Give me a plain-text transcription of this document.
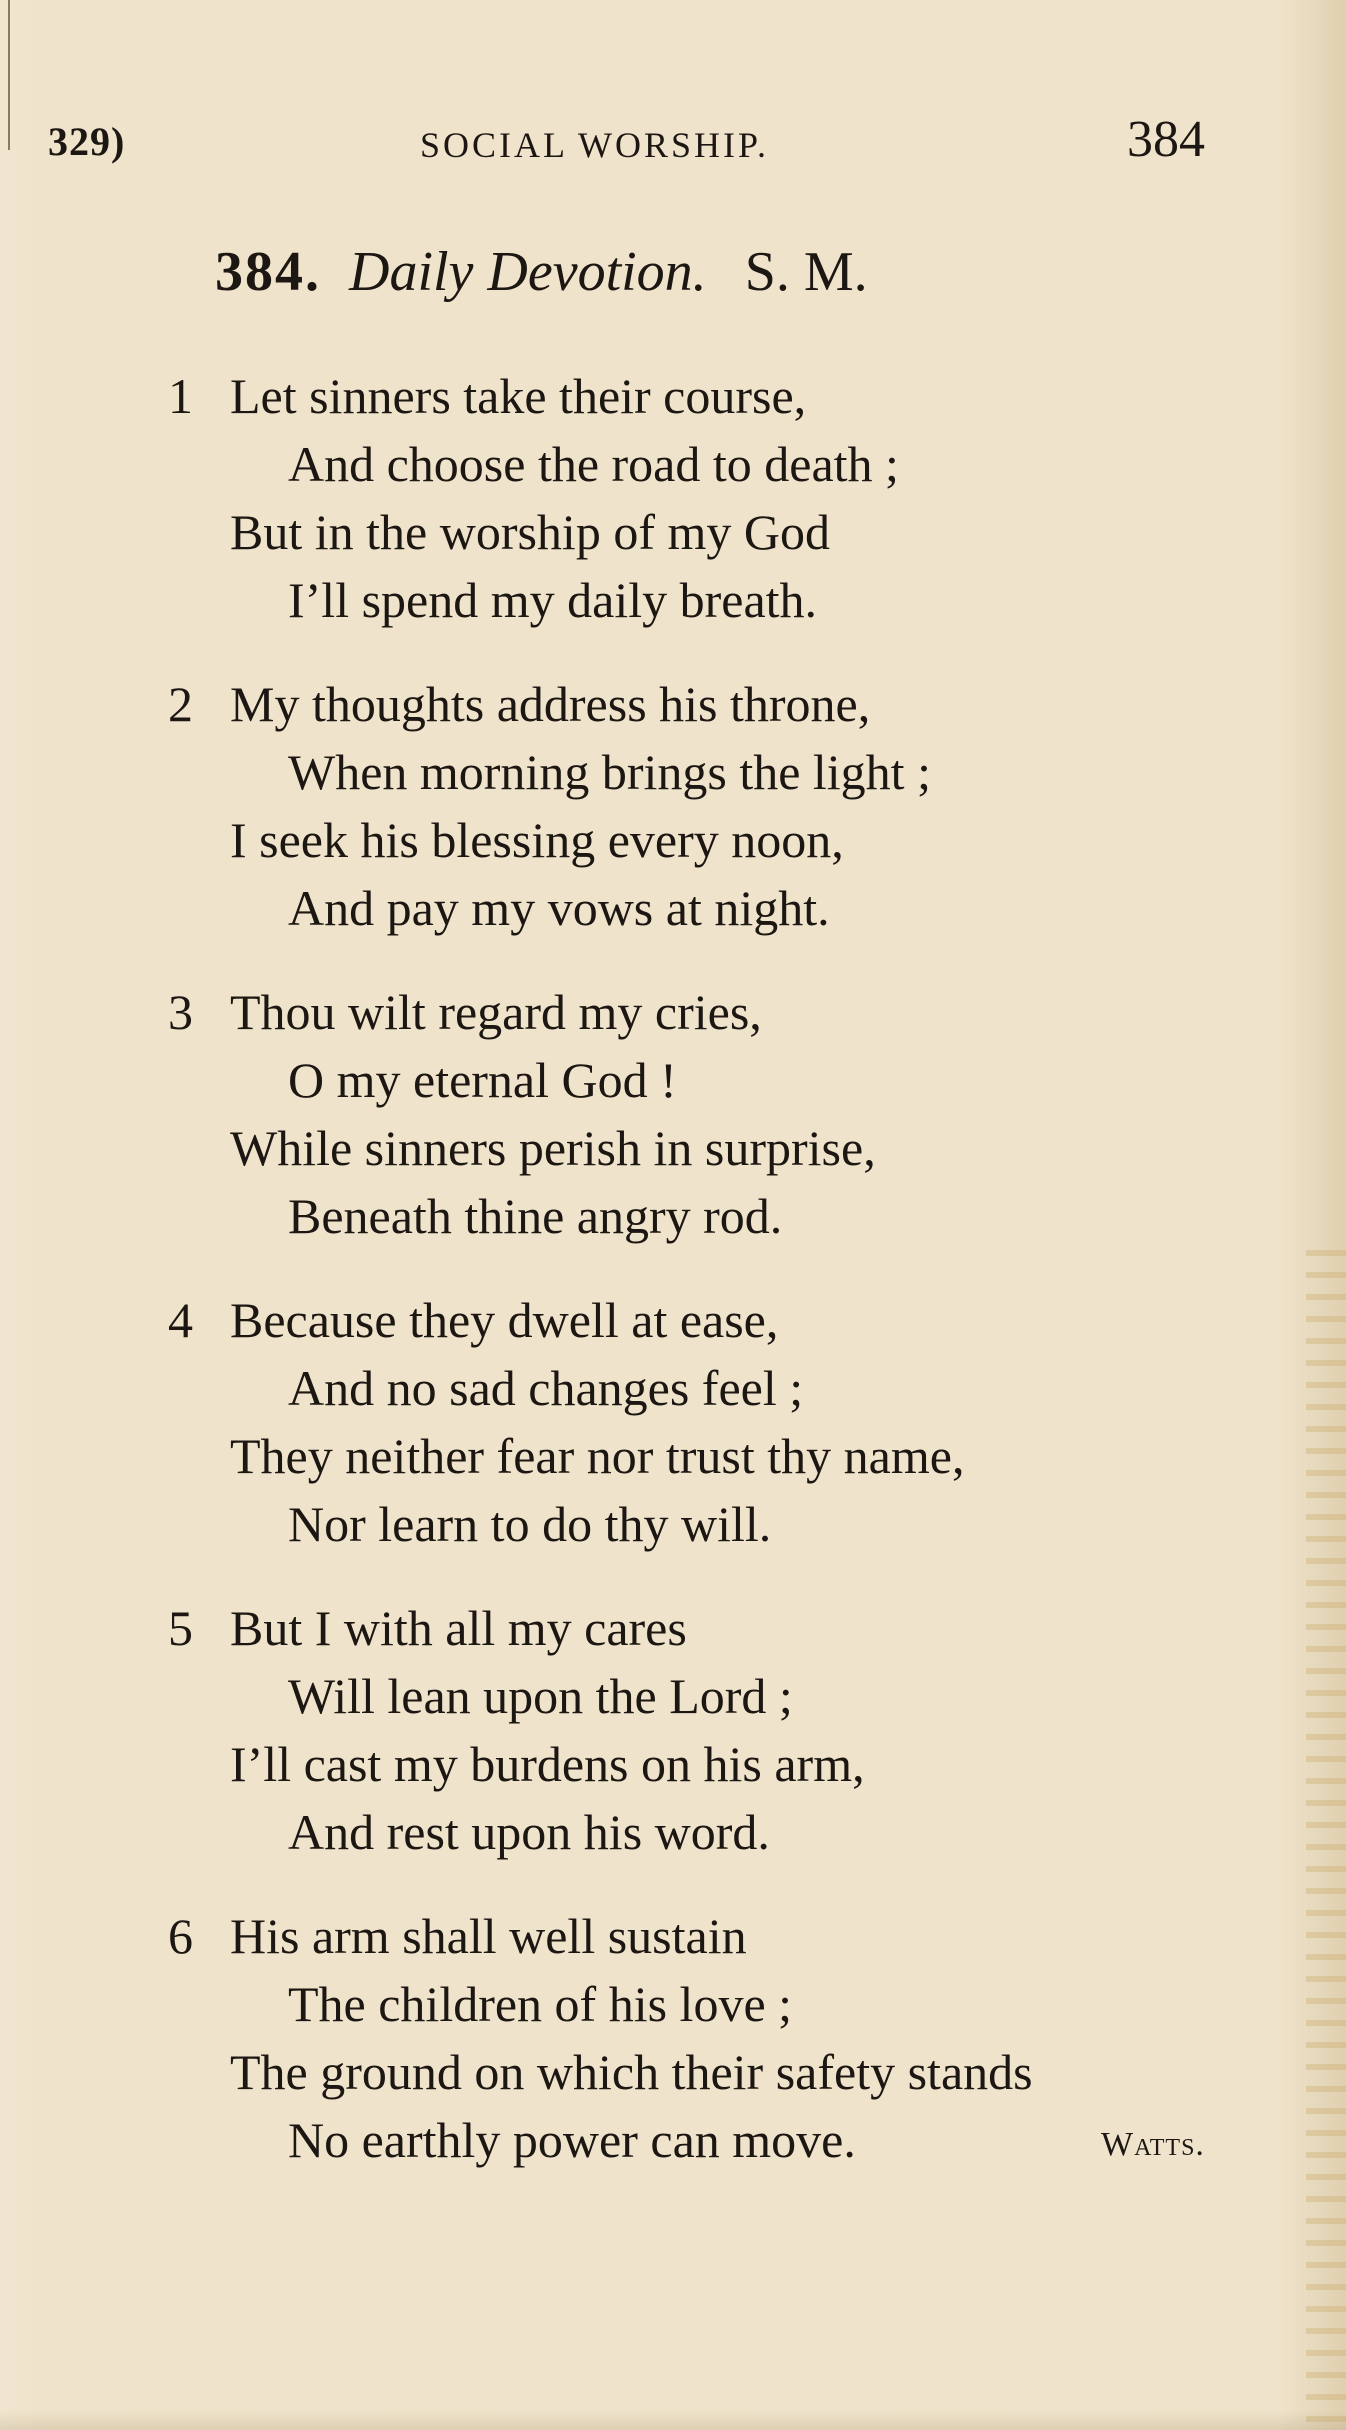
329)	SOCIAL WORSHIP.	384
384. Daily Devotion. S. M.
1 Let sinners take their course,
And choose the road to death ;
But in the worship of my God
I’ll spend my daily breath.
2 My thoughts address his throne,
When morning brings the light ;
I seek his blessing every noon,
And pay my vows at night.
3 Thou wilt regard my cries,
O my eternal God !
While sinners perish in surprise,
Beneath thine angry rod.
4 Because they dwell at ease,
And no sad changes feel ;
They neither fear nor trust thy name,
Nor learn to do thy will.
5 But I with all my cares
Will lean upon the Lord ;
I’ll cast my burdens on his arm,
And rest upon his word.
6 His arm shall well sustain
The children of his love ;
The ground on which their safety stands
No earthly power can move.	Watts.
